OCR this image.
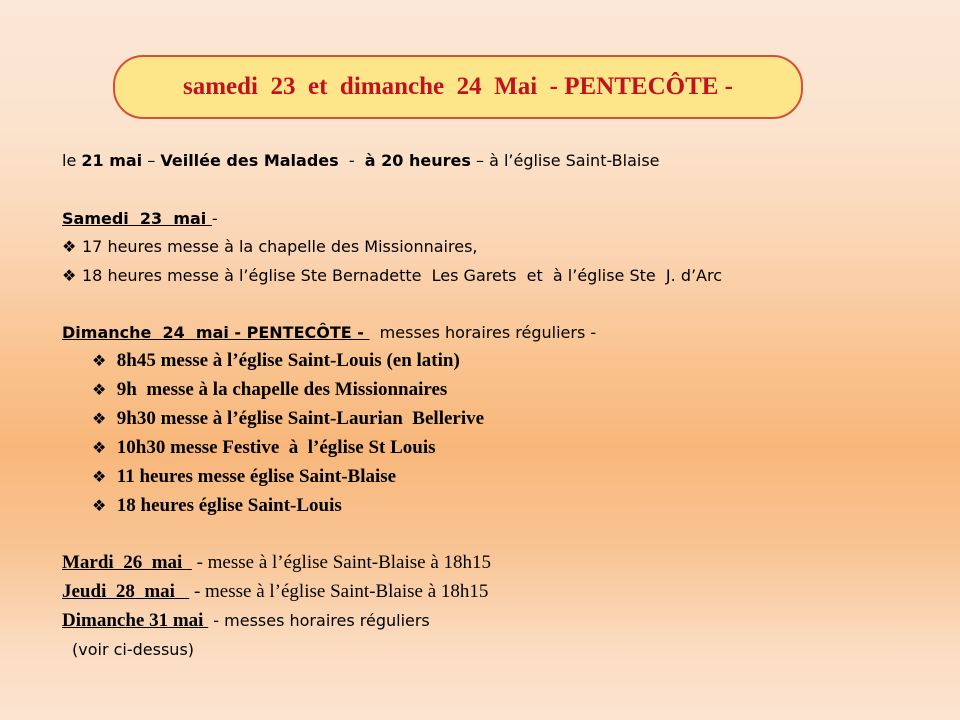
samedi  23  et  dimanche  24  Mai  - PENTECÔTE -
le 21 mai – Veillée des Malades  -  à 20 heures – à l’église Saint-Blaise
Samedi  23  mai -
❖ 17 heures messe à la chapelle des Missionnaires,
❖ 18 heures messe à l’église Ste Bernadette  Les Garets  et  à l’église Ste  J. d’Arc
Dimanche  24  mai - PENTECÔTE -   messes horaires réguliers -
❖ 8h45 messe à l’église Saint-Louis (en latin)
❖ 9h  messe à la chapelle des Missionnaires
❖ 9h30 messe à l’église Saint-Laurian  Bellerive
❖ 10h30 messe Festive  à  l’église St Louis
❖ 11 heures messe église Saint-Blaise
❖ 18 heures église Saint-Louis
Mardi  26  mai   - messe à l’église Saint-Blaise à 18h15
Jeudi  28  mai    - messe à l’église Saint-Blaise à 18h15
Dimanche 31 mai  - messes horaires réguliers
(voir ci-dessus)
